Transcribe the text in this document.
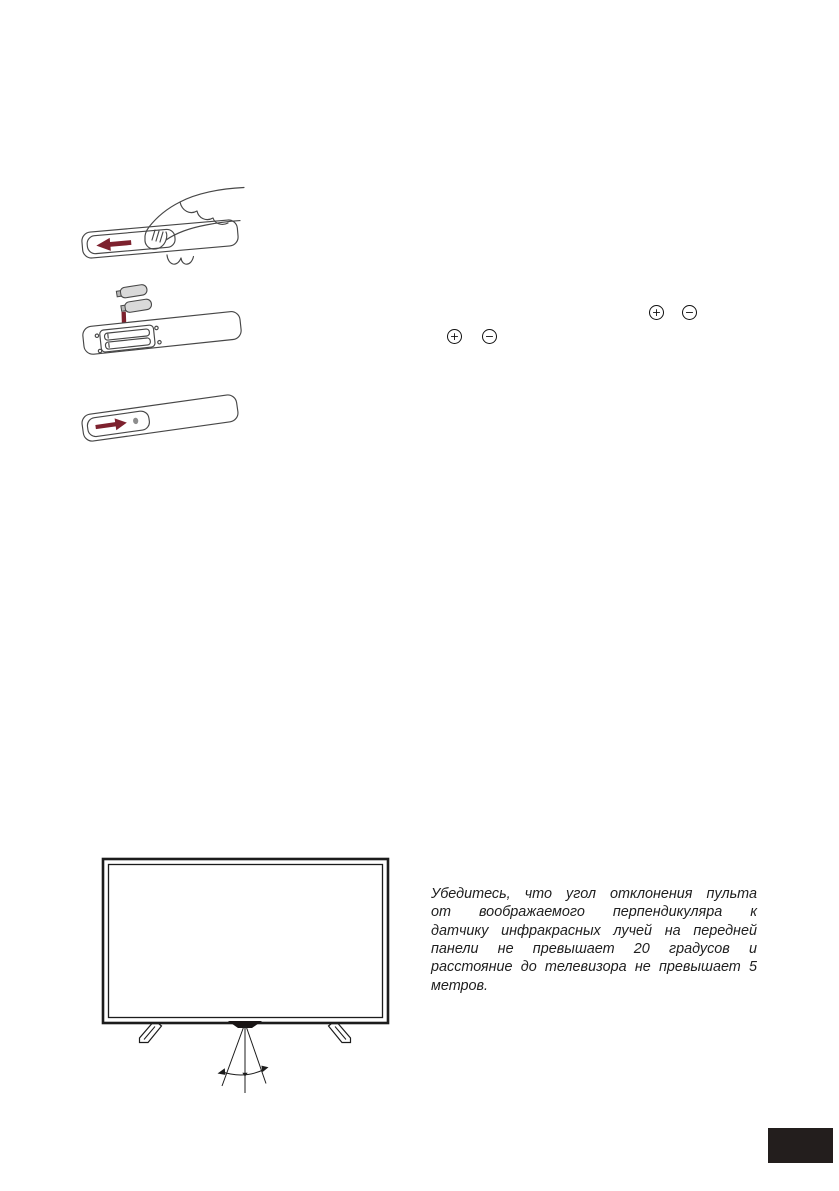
+ −
+ −
Убедитесь, что угол отклонения пульта
от воображаемого перпендикуляра к
датчику инфракрасных лучей на передней
панели не превышает 20 градусов и
расстояние до телевизора не превышает 5
метров.
